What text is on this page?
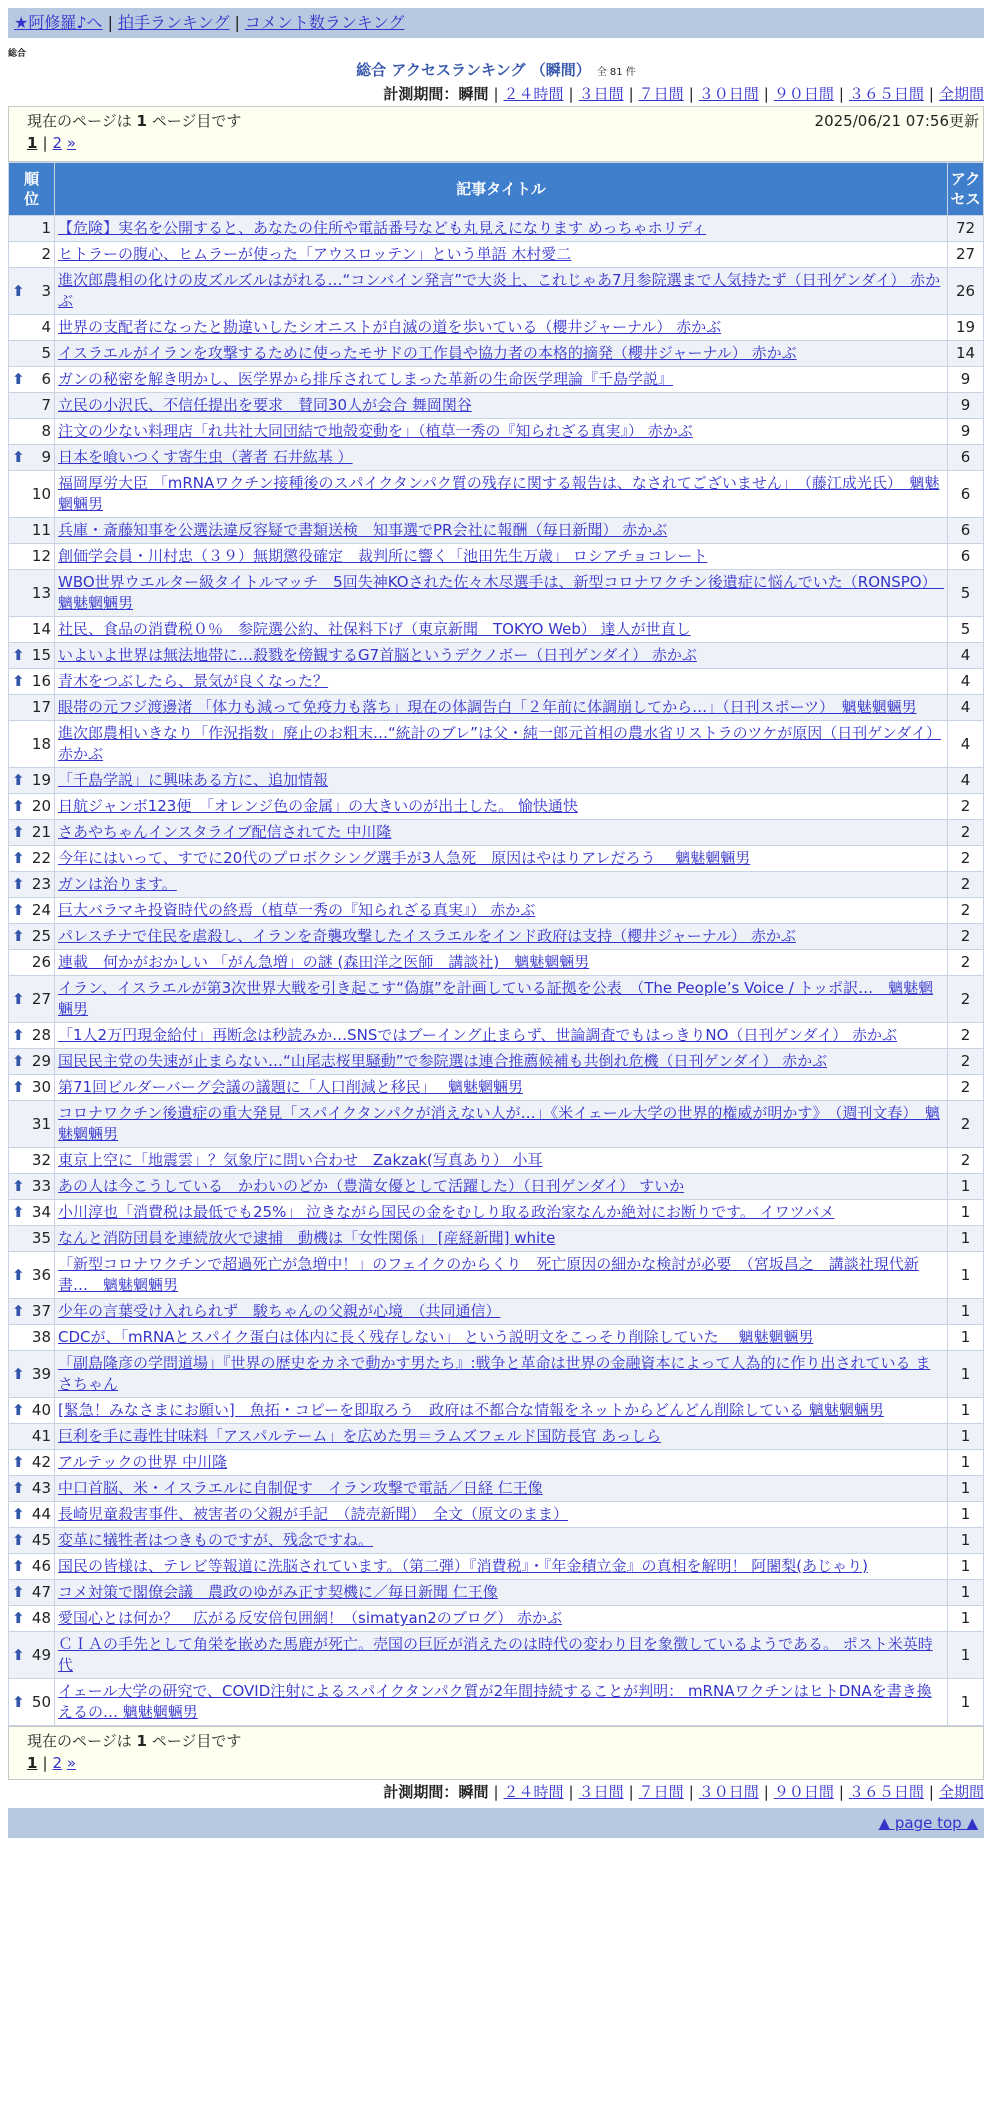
★阿修羅♪へ | 拍手ランキング | コメント数ランキング
総合
総合 アクセスランキング （瞬間） 全 81 件
計測期間：瞬間 | ２４時間 | ３日間 | ７日間 | ３０日間 | ９０日間 | ３６５日間 | 全期間
現在のページは 1 ページ目です	2025/06/21 07:56更新
1 | 2 »
順
位	記事タイトル	アク
セス
1	【危険】実名を公開すると、あなたの住所や電話番号なども丸見えになります めっちゃホリディ	72
2	ヒトラーの腹心、ヒムラーが使った「アウスロッテン」という単語 木村愛二	27

⬆ 3	進次郎農相の化けの皮ズルズルはがれる…“コンバイン発言”で大炎上、これじゃあ7月参院選まで人気持たず（日刊ゲンダイ） 赤かぶ	26
4	世界の支配者になったと勘違いしたシオニストが自滅の道を歩いている（櫻井ジャーナル） 赤かぶ	19
5	イスラエルがイランを攻撃するために使ったモサドの工作員や協力者の本格的摘発（櫻井ジャーナル） 赤かぶ	14

⬆ 6	ガンの秘密を解き明かし、医学界から排斥されてしまった革新の生命医学理論『千島学説』	9
7	立民の小沢氏、不信任提出を要求　賛同30人が会合 舞岡関谷	9
8	注文の少ない料理店「れ共社大同団結で地殻変動を」（植草一秀の『知られざる真実』） 赤かぶ	9

⬆ 9	日本を喰いつくす寄生虫（著者 石井紘基 ）	6
10	福岡厚労大臣 「mRNAワクチン接種後のスパイクタンパク質の残存に関する報告は、なされてございません」　（藤江成光氏）　魑魅魍魎男	6
11	兵庫・斎藤知事を公選法違反容疑で書類送検　知事選でPR会社に報酬（毎日新聞） 赤かぶ	6
12	創価学会員・川村忠（３９）無期懲役確定　裁判所に響く「池田先生万歳」 ロシアチョコレート	6
13	WBO世界ウエルター級タイトルマッチ　5回失神KOされた佐々木尽選手は、新型コロナワクチン後遺症に悩んでいた（RONSPO）　魑魅魍魎男	5
14	社民、食品の消費税０％　参院選公約、社保料下げ（東京新聞　TOKYO Web） 達人が世直し	5

⬆ 15	いよいよ世界は無法地帯に…殺戮を傍観するG7首脳というデクノボー（日刊ゲンダイ） 赤かぶ	4

⬆ 16	青木をつぶしたら、景気が良くなった？	4
17	眼帯の元フジ渡邊渚 「体力も減って免疫力も落ち」現在の体調告白「２年前に体調崩してから…」（日刊スポーツ）　魑魅魍魎男	4
18	進次郎農相いきなり「作況指数」廃止のお粗末…“統計のブレ”は父・純一郎元首相の農水省リストラのツケが原因（日刊ゲンダイ） 赤かぶ	4

⬆ 19	「千島学説」に興味ある方に、追加情報	4

⬆ 20	日航ジャンボ123便　「オレンジ色の金属」の大きいのが出土した。 愉快通快	2

⬆ 21	さあやちゃんインスタライブ配信されてた 中川隆	2

⬆ 22	今年にはいって、すでに20代のプロボクシング選手が3人急死　原因はやはりアレだろう　 魑魅魍魎男	2

⬆ 23	ガンは治ります。	2

⬆ 24	巨大バラマキ投資時代の終焉（植草一秀の『知られざる真実』） 赤かぶ	2

⬆ 25	パレスチナで住民を虐殺し、イランを奇襲攻撃したイスラエルをインド政府は支持（櫻井ジャーナル） 赤かぶ	2
26	連載　何かがおかしい 「がん急増」の謎 (森田洋之医師　講談社)　魑魅魍魎男	2

⬆ 27	イラン、イスラエルが第3次世界大戦を引き起こす“偽旗”を計画している証拠を公表　（The People’s Voice / トッポ訳…　魑魅魍魎男	2

⬆ 28	「1人2万円現金給付」再断念は秒読みか…SNSではブーイング止まらず、世論調査でもはっきりNO（日刊ゲンダイ） 赤かぶ	2

⬆ 29	国民民主党の失速が止まらない…“山尾志桜里騒動”で参院選は連合推薦候補も共倒れ危機（日刊ゲンダイ） 赤かぶ	2

⬆ 30	第71回ビルダーバーグ会議の議題に「人口削減と移民」　 魑魅魍魎男	2
31	コロナワクチン後遺症の重大発見「スパイクタンパクが消えない人が…」《米イェール大学の世界的権威が明かす》　（週刊文春）　魑魅魍魎男	2
32	東京上空に「地震雲」？気象庁に問い合わせ　Zakzak(写真あり） 小耳	2

⬆ 33	あの人は今こうしている　かわいのどか（豊満女優として活躍した）（日刊ゲンダイ） すいか	1

⬆ 34	小川淳也「消費税は最低でも25%」 泣きながら国民の金をむしり取る政治家なんか絶対にお断りです。 イワツバメ	1
35	なんと消防団員を連続放火で逮捕　動機は「女性関係」 [産経新聞] white	1

⬆ 36	「新型コロナワクチンで超過死亡が急増中！」のフェイクのからくり　死亡原因の細かな検討が必要　（宮坂昌之　講談社現代新書…　魑魅魍魎男	1

⬆ 37	少年の言葉受け入れられず　駿ちゃんの父親が心境　（共同通信）	1
38	CDCが、「mRNAとスパイク蛋白は体内に長く残存しない」 という説明文をこっそり削除していた　 魑魅魍魎男	1

⬆ 39	「副島隆彦の学問道場」『世界の歴史をカネで動かす男たち』:戦争と革命は世界の金融資本によって人為的に作り出されている まさちゃん	1

⬆ 40	[緊急！みなさまにお願い]　魚拓・コピーを即取ろう　政府は不都合な情報をネットからどんどん削除している 魑魅魍魎男	1
41	巨利を手に毒性甘味料「アスパルテーム」を広めた男＝ラムズフェルド国防長官 あっしら	1

⬆ 42	アルテックの世界 中川隆	1

⬆ 43	中口首脳、米・イスラエルに自制促す　イラン攻撃で電話／日経 仁王像	1

⬆ 44	長崎児童殺害事件、被害者の父親が手記　（読売新聞）　全文（原文のまま）	1

⬆ 45	変革に犠牲者はつきものですが、残念ですね。	1

⬆ 46	国民の皆様は、テレビ等報道に洗脳されています。（第二弾）『消費税』・『年金積立金』の真相を解明！ 阿闍梨(あじゃり)	1

⬆ 47	コメ対策で閣僚会議　農政のゆがみ正す契機に／毎日新聞 仁王像	1

⬆ 48	愛国心とは何か？　広がる反安倍包囲網！（simatyan2のブログ） 赤かぶ	1

⬆ 49	ＣＩＡの手先として角栄を嵌めた馬鹿が死亡。売国の巨匠が消えたのは時代の変わり目を象徴しているようである。 ポスト米英時代	1

⬆ 50	イェール大学の研究で、COVID注射によるスパイクタンパク質が2年間持続することが判明： mRNAワクチンはヒトDNAを書き換えるの… 魑魅魍魎男	1
現在のページは 1 ページ目です
1 | 2 »
計測期間：瞬間 | ２４時間 | ３日間 | ７日間 | ３０日間 | ９０日間 | ３６５日間 | 全期間
▲ page top ▲
